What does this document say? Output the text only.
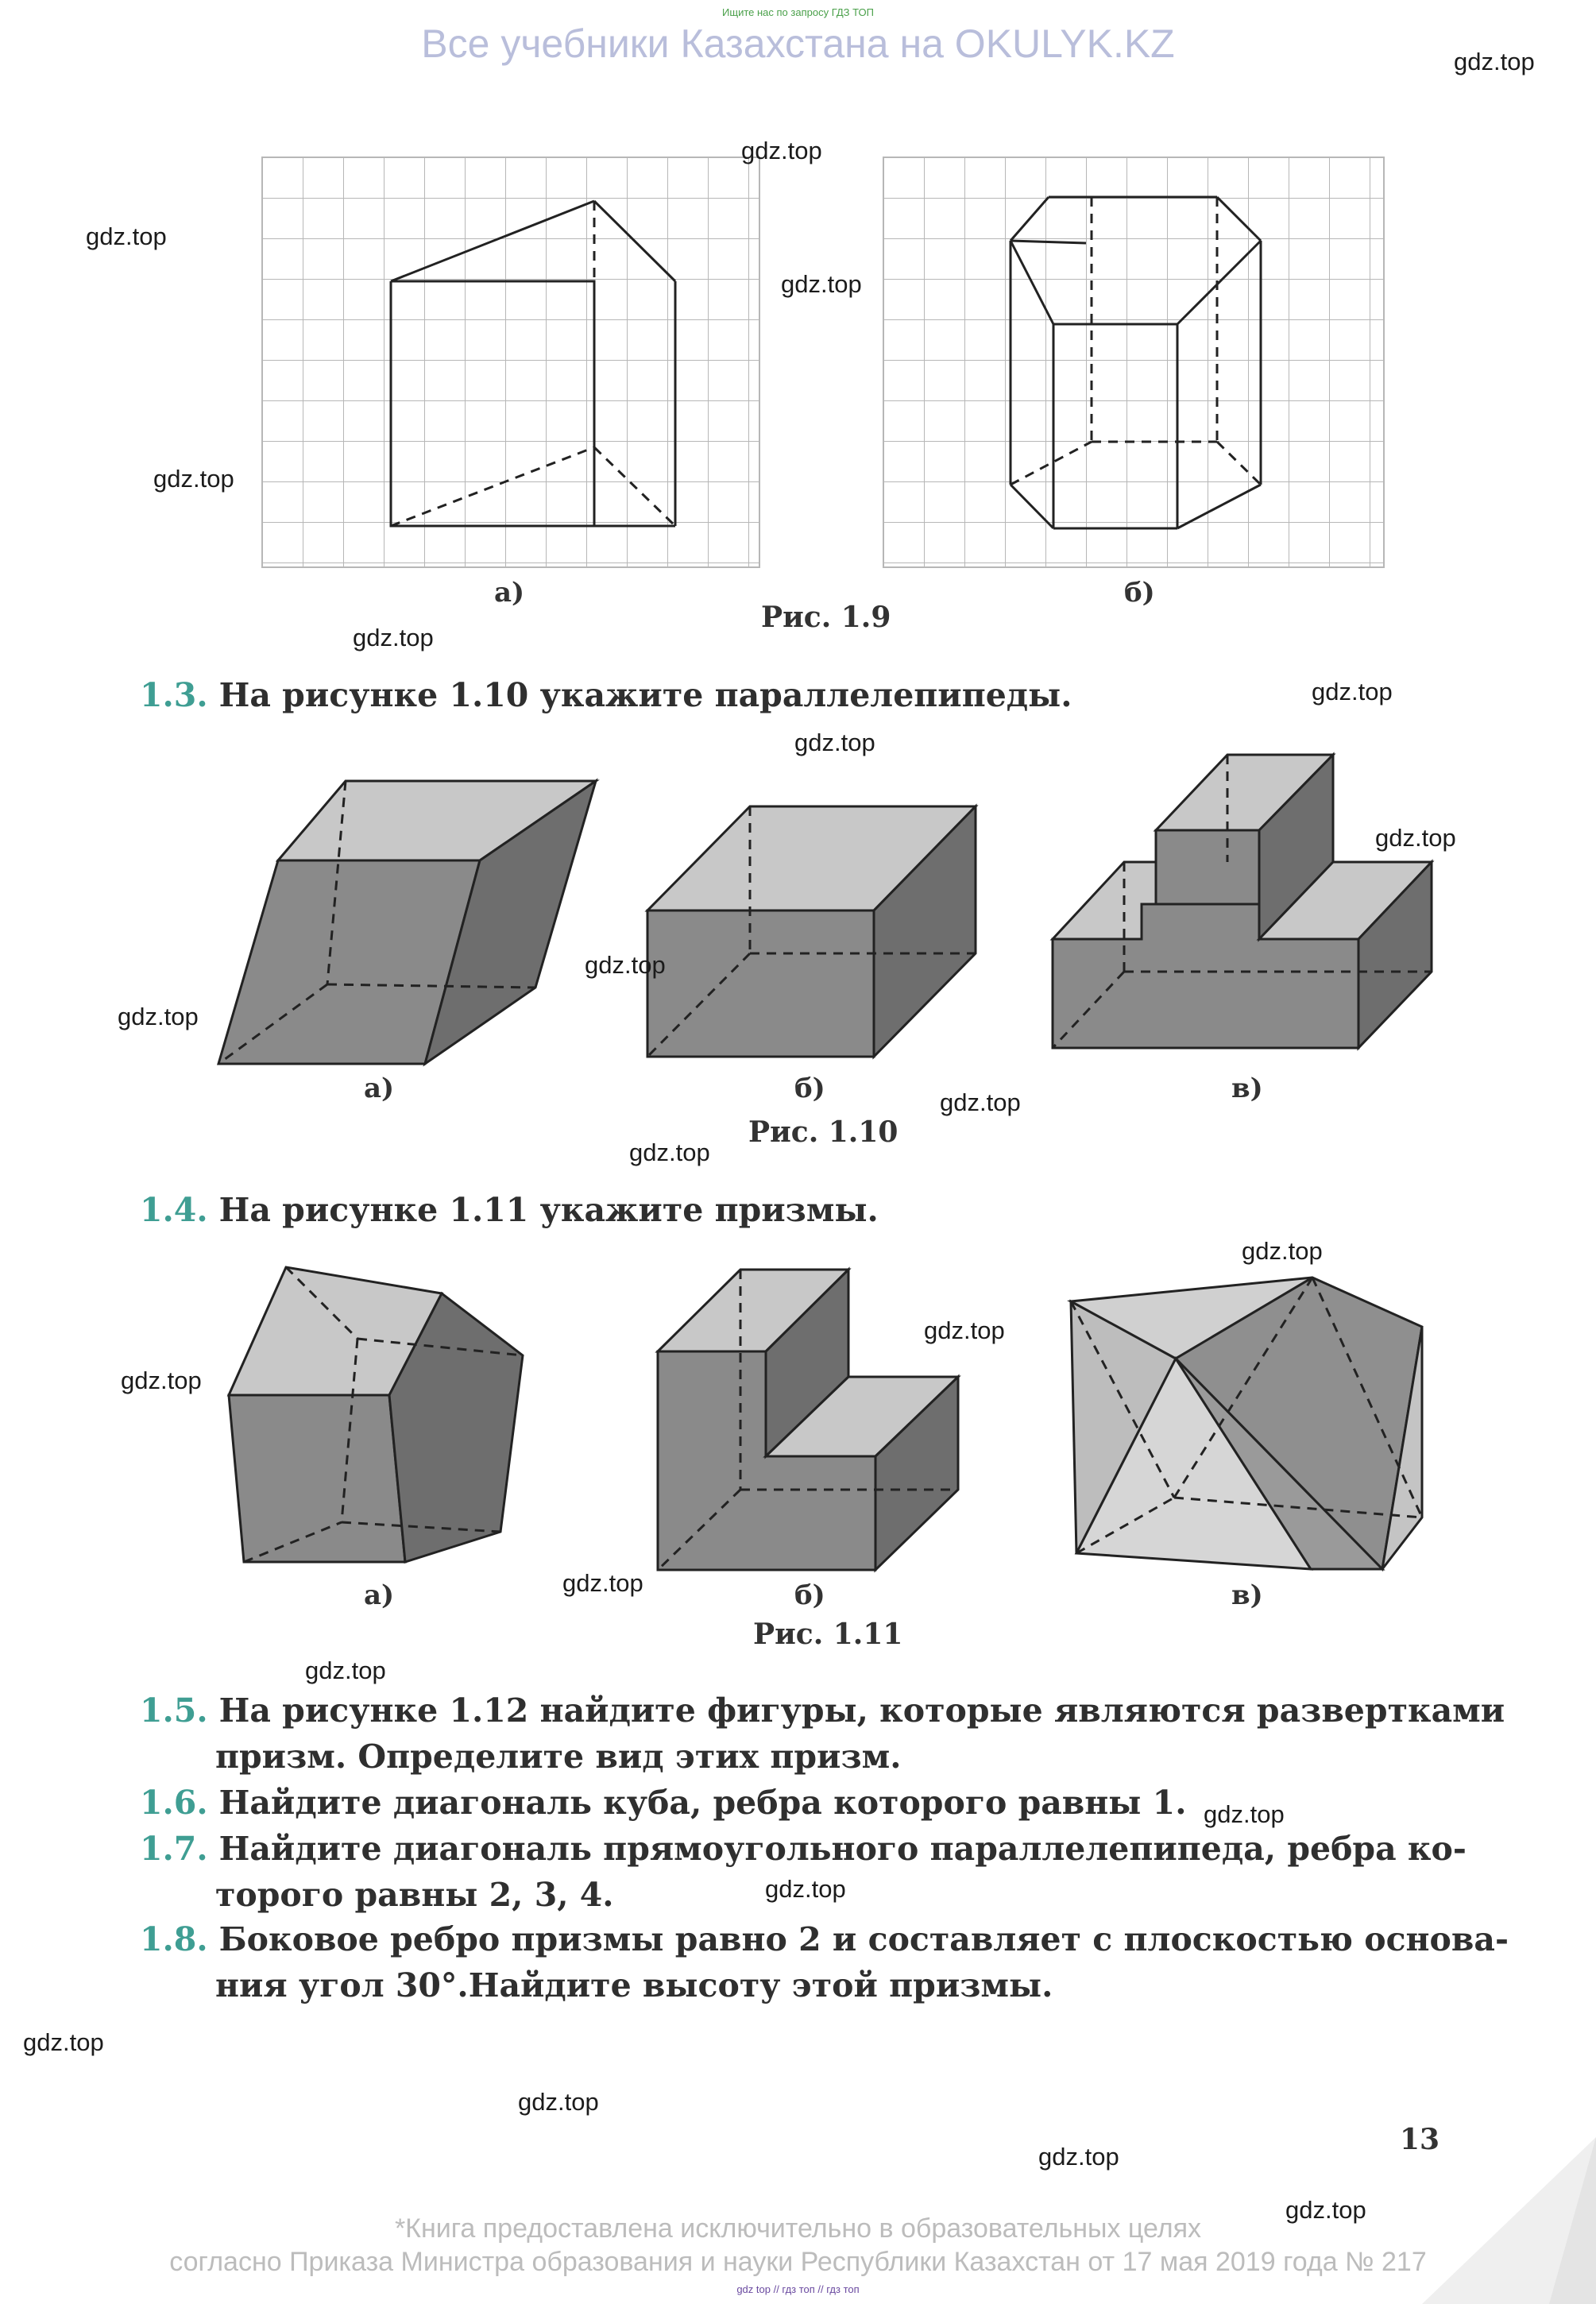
Ищите нас по запросу ГДЗ ТОП
Все учебники Казахстана на OKULYK.KZ
а)	б)
Рис. 1.9
1.3. На рисунке 1.10 укажите параллелепипеды.
а)	б)	в)
Рис. 1.10
1.4. На рисунке 1.11 укажите призмы.
а)	б)	в)
Рис. 1.11
1.5. На рисунке 1.12 найдите фигуры, которые являются развертками
призм. Определите вид этих призм.
1.6. Найдите диагональ куба, ребра которого равны 1.
1.7. Найдите диагональ прямоугольного параллелепипеда, ребра ко-
торого равны 2, 3, 4.
1.8. Боковое ребро призмы равно 2 и составляет с плоскостью основа-
ния угол 30°.Найдите высоту этой призмы.
13
*Книга предоставлена исключительно в образовательных целях
согласно Приказа Министра образования и науки Республики Казахстан от 17 мая 2019 года № 217
gdz top // гдз топ // гдз топ
gdz.top
gdz.top
gdz.top
gdz.top
gdz.top
gdz.top
gdz.top
gdz.top
gdz.top
gdz.top
gdz.top
gdz.top
gdz.top
gdz.top
gdz.top
gdz.top
gdz.top
gdz.top
gdz.top
gdz.top
gdz.top
gdz.top
gdz.top
gdz.top
